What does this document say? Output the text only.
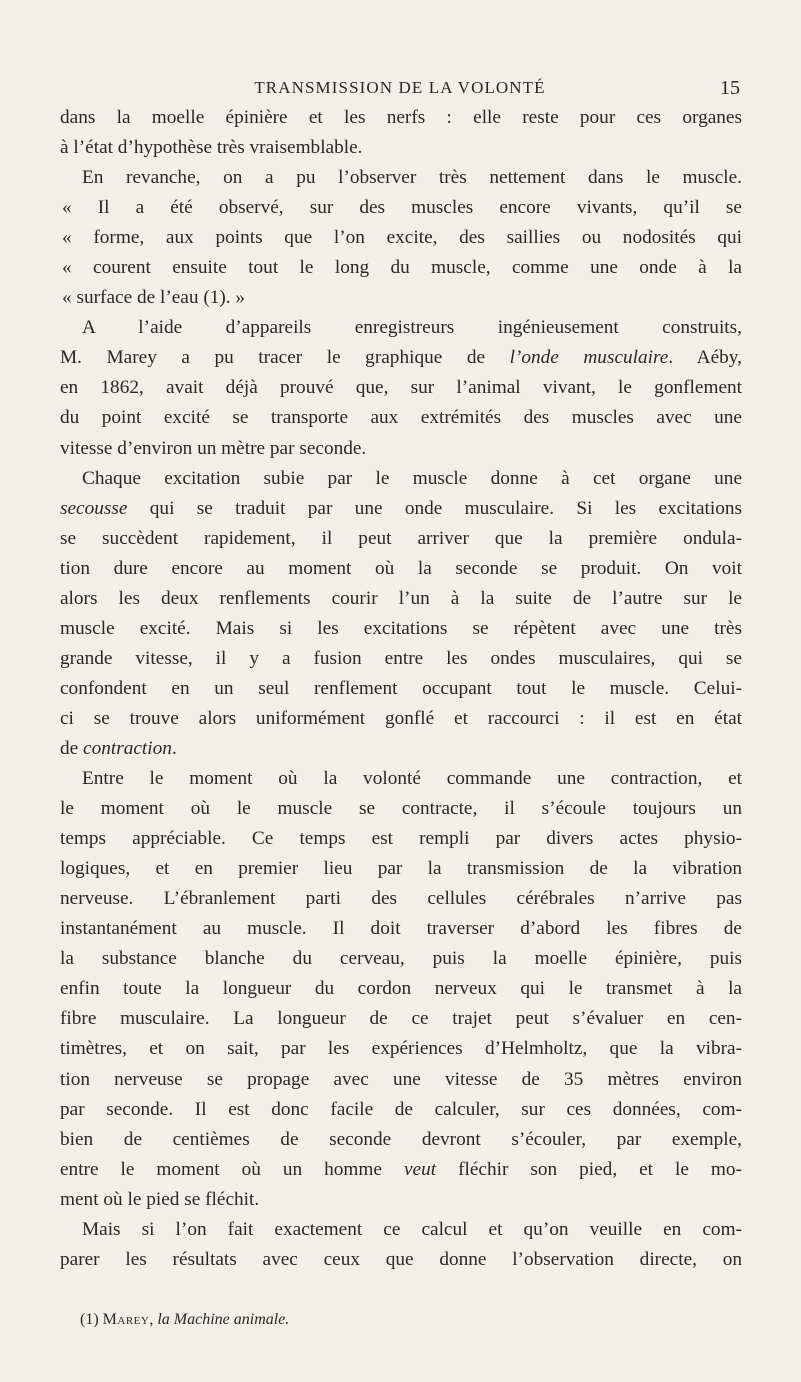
TRANSMISSION DE LA VOLONTÉ	15
dans la moelle épinière et les nerfs : elle reste pour ces organes
à l’état d’hypothèse très vraisemblable.
En revanche, on a pu l’observer très nettement dans le muscle.
« Il a été observé, sur des muscles encore vivants, qu’il se
« forme, aux points que l’on excite, des saillies ou nodosités qui
« courent ensuite tout le long du muscle, comme une onde à la
« surface de l’eau (1). »
A l’aide d’appareils enregistreurs ingénieusement construits,
M. Marey a pu tracer le graphique de l’onde musculaire. Aéby,
en 1862, avait déjà prouvé que, sur l’animal vivant, le gonflement
du point excité se transporte aux extrémités des muscles avec une
vitesse d’environ un mètre par seconde.
Chaque excitation subie par le muscle donne à cet organe une
secousse qui se traduit par une onde musculaire. Si les excitations
se succèdent rapidement, il peut arriver que la première ondula-
tion dure encore au moment où la seconde se produit. On voit
alors les deux renflements courir l’un à la suite de l’autre sur le
muscle excité. Mais si les excitations se répètent avec une très
grande vitesse, il y a fusion entre les ondes musculaires, qui se
confondent en un seul renflement occupant tout le muscle. Celui-
ci se trouve alors uniformément gonflé et raccourci : il est en état
de contraction.
Entre le moment où la volonté commande une contraction, et
le moment où le muscle se contracte, il s’écoule toujours un
temps appréciable. Ce temps est rempli par divers actes physio-
logiques, et en premier lieu par la transmission de la vibration
nerveuse. L’ébranlement parti des cellules cérébrales n’arrive pas
instantanément au muscle. Il doit traverser d’abord les fibres de
la substance blanche du cerveau, puis la moelle épinière, puis
enfin toute la longueur du cordon nerveux qui le transmet à la
fibre musculaire. La longueur de ce trajet peut s’évaluer en cen-
timètres, et on sait, par les expériences d’Helmholtz, que la vibra-
tion nerveuse se propage avec une vitesse de 35 mètres environ
par seconde. Il est donc facile de calculer, sur ces données, com-
bien de centièmes de seconde devront s’écouler, par exemple,
entre le moment où un homme veut fléchir son pied, et le mo-
ment où le pied se fléchit.
Mais si l’on fait exactement ce calcul et qu’on veuille en com-
parer les résultats avec ceux que donne l’observation directe, on
(1) Marey, la Machine animale.
